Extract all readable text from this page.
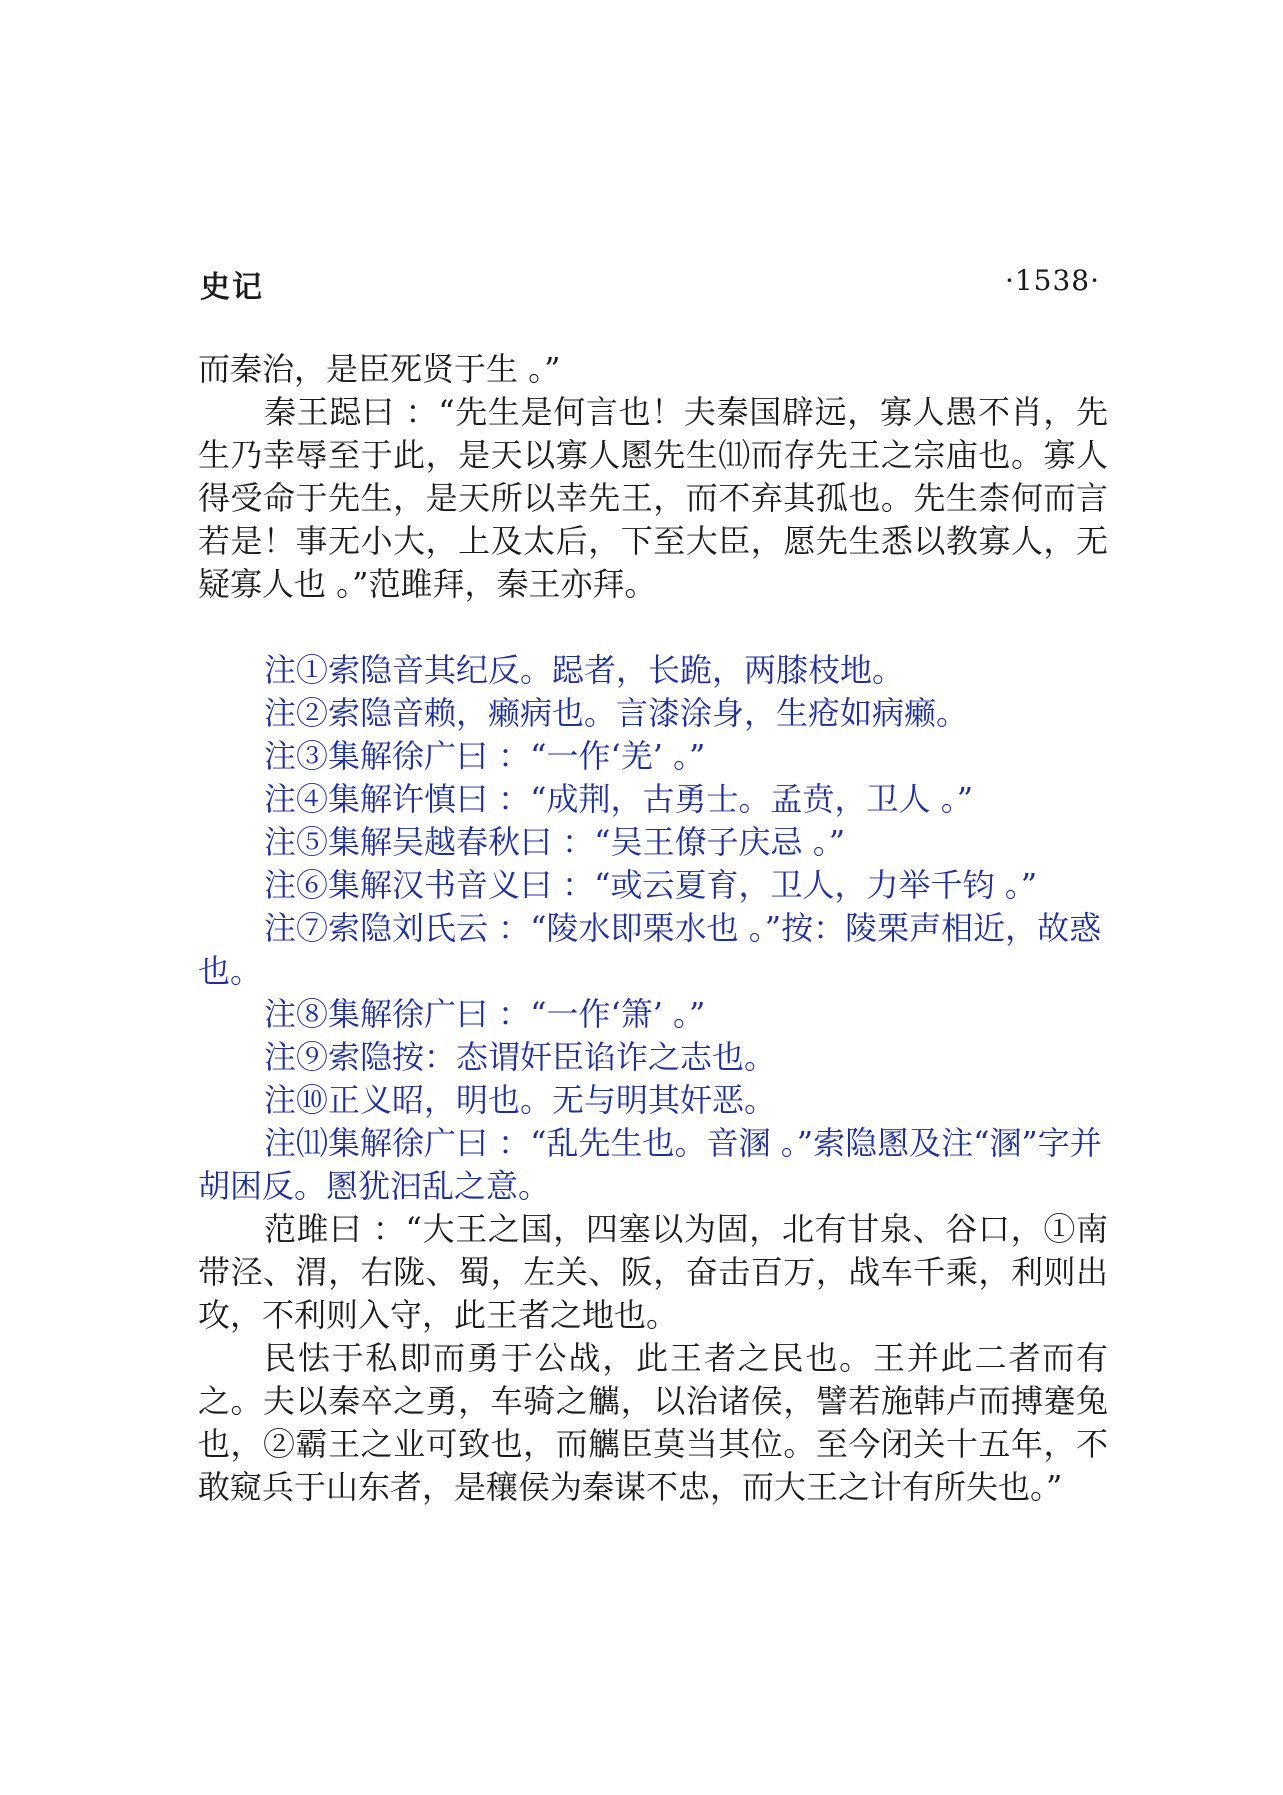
史记	·1538·

而秦治，是臣死贤于生 。”

秦王跽曰 ：“先生是何言也！夫秦国辟远，寡人愚不肖，先生乃幸辱至于此，是天以寡人慁先生⑾而存先王之宗庙也。寡人得受命于先生，是天所以幸先王，而不弃其孤也。先生柰何而言若是！事无小大，上及太后，下至大臣，愿先生悉以教寡人，无疑寡人也 。”范雎拜，秦王亦拜。

注①索隐音其纪反。跽者，长跪，两膝枝地。

注②索隐音赖，癞病也。言漆涂身，生疮如病癞。

注③集解徐广曰 ：“一作‘羌’ 。”

注④集解许慎曰 ：“成荆，古勇士。孟贲，卫人 。”

注⑤集解吴越春秋曰 ：“吴王僚子庆忌 。”

注⑥集解汉书音义曰 ：“或云夏育，卫人，力举千钧 。”

注⑦索隐刘氏云 ：“陵水即栗水也 。”按：陵栗声相近，故惑也。

注⑧集解徐广曰 ：“一作‘箫’ 。”

注⑨索隐按：态谓奸臣谄诈之志也。

注⑩正义昭，明也。无与明其奸恶。

注⑾集解徐广曰 ：“乱先生也。音溷 。”索隐慁及注“溷”字并胡困反。慁犹汩乱之意。

范雎曰 ：“大王之国，四塞以为固，北有甘泉、谷口，①南带泾、渭，右陇、蜀，左关、阪，奋击百万，战车千乘，利则出攻，不利则入守，此王者之地也。

民怯于私即而勇于公战，此王者之民也。王并此二者而有之。夫以秦卒之勇，车骑之觽，以治诸侯，譬若施韩卢而搏蹇兔也，②霸王之业可致也，而觽臣莫当其位。至今闭关十五年，不敢窥兵于山东者，是穰侯为秦谋不忠，而大王之计有所失也。”
